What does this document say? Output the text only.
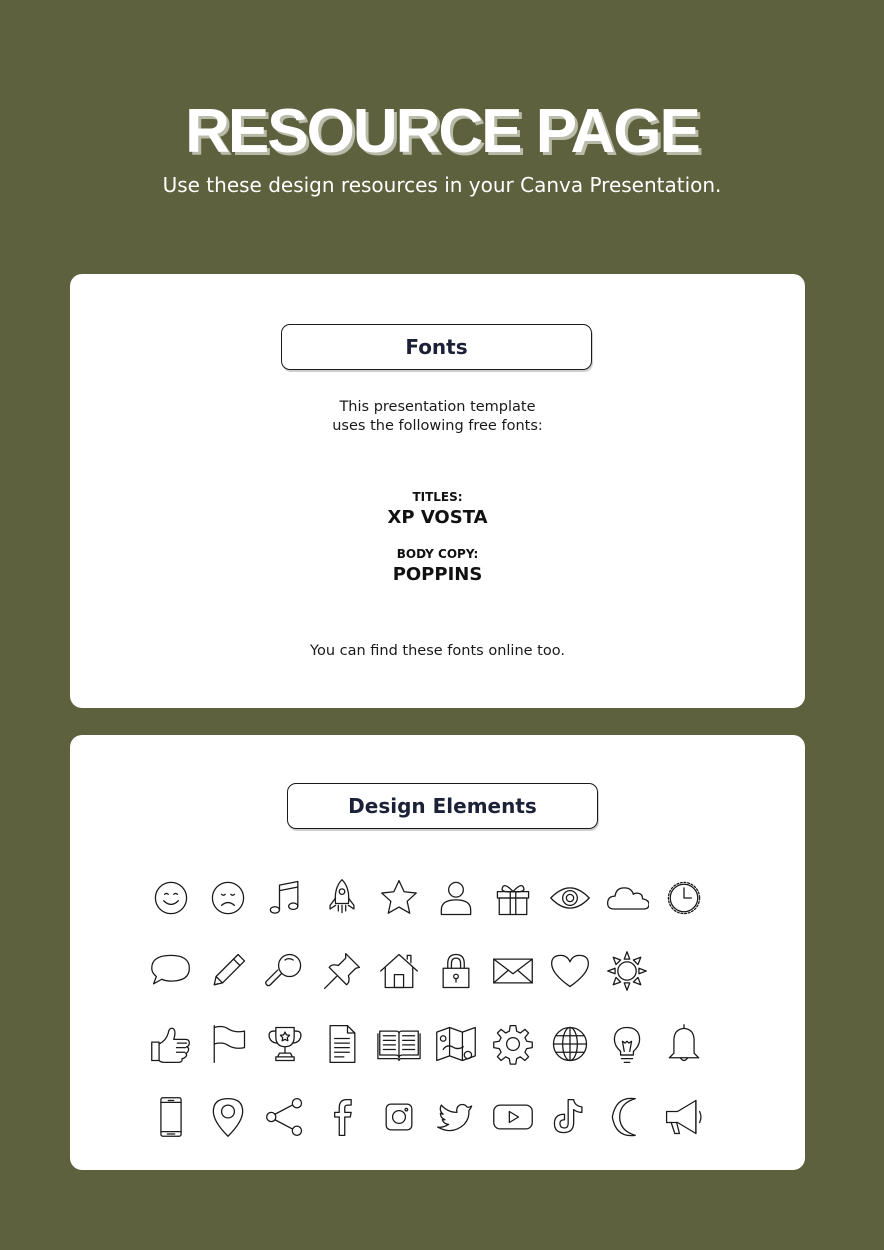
RESOURCE PAGE
Use these design resources in your Canva Presentation.
Fonts
This presentation template
uses the following free fonts:
TITLES:
XP VOSTA
BODY COPY:
POPPINS
You can find these fonts online too.
Design Elements
